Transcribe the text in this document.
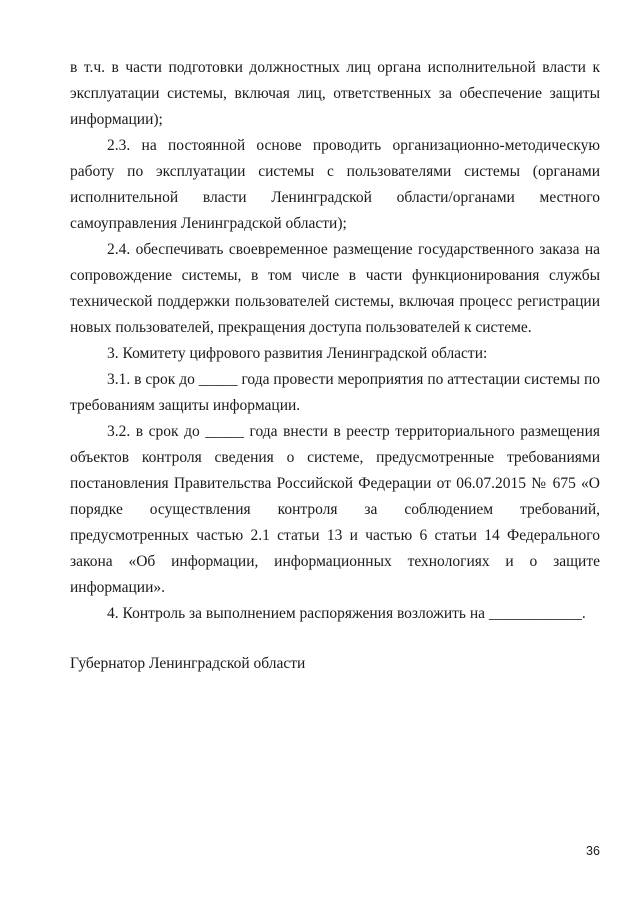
в т.ч. в части подготовки должностных лиц органа исполнительной власти к эксплуатации системы, включая лиц, ответственных за обеспечение защиты информации);

2.3. на постоянной основе проводить организационно-методическую работу по эксплуатации системы с пользователями системы (органами исполнительной власти Ленинградской области/органами местного самоуправления Ленинградской области);

2.4. обеспечивать своевременное размещение государственного заказа на сопровождение системы, в том числе в части функционирования службы технической поддержки пользователей системы, включая процесс регистрации новых пользователей, прекращения доступа пользователей к системе.

3. Комитету цифрового развития Ленинградской области:

3.1. в срок до _____ года провести мероприятия по аттестации системы по требованиям защиты информации.

3.2. в срок до _____ года внести в реестр территориального размещения объектов контроля сведения о системе, предусмотренные требованиями постановления Правительства Российской Федерации от 06.07.2015 № 675 «О порядке осуществления контроля за соблюдением требований, предусмотренных частью 2.1 статьи 13 и частью 6 статьи 14 Федерального закона «Об информации, информационных технологиях и о защите информации».

4. Контроль за выполнением распоряжения возложить на ____________.

Губернатор Ленинградской области
36
